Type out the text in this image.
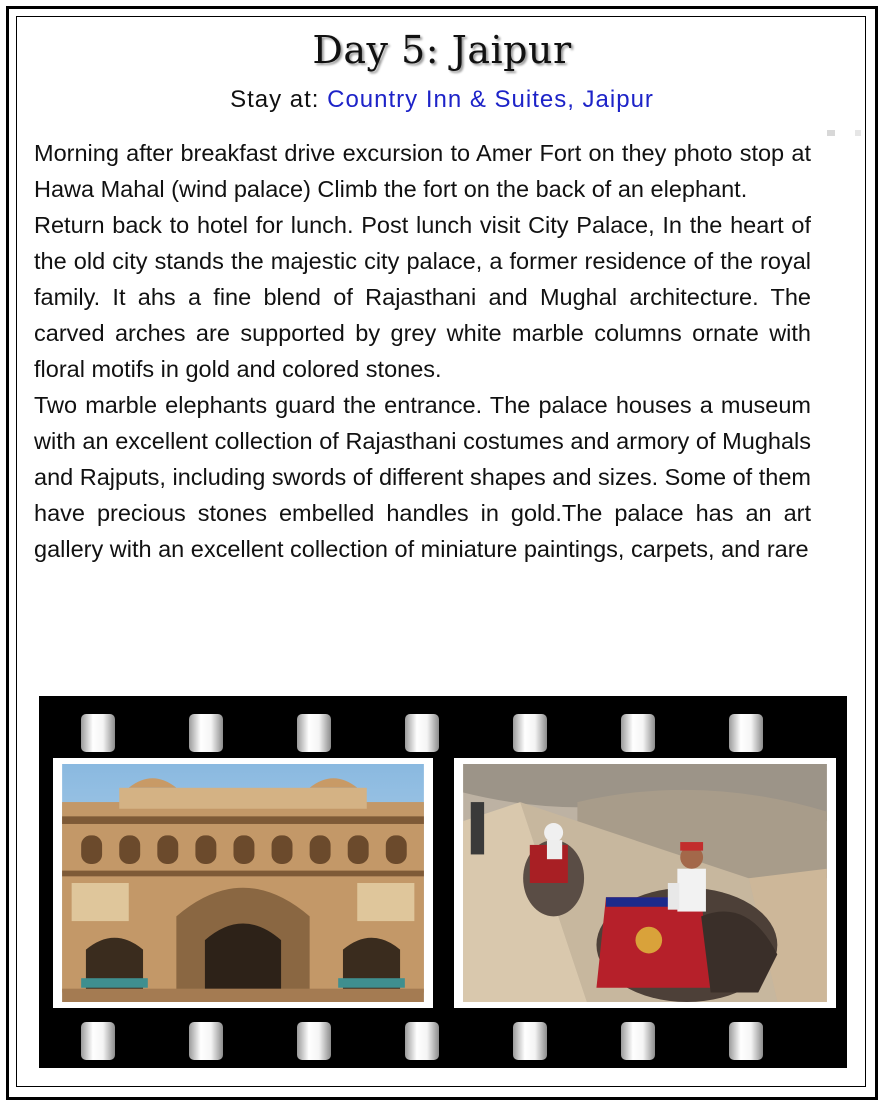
Day 5: Jaipur
Stay at: Country Inn & Suites, Jaipur

Morning after breakfast drive excursion to Amer Fort on they photo stop at Hawa Mahal (wind palace) Climb the fort on the back of an elephant.

Return back to hotel for lunch. Post lunch visit City Palace, In the heart of the old city stands the majestic city palace, a former residence of the royal family. It ahs a fine blend of Rajasthani and Mughal architecture. The carved arches are supported by grey white marble columns ornate with floral motifs in gold and colored stones.

Two marble elephants guard the entrance. The palace houses a museum with an excellent collection of Rajasthani costumes and armory of Mughals and Rajputs, including swords of different shapes and sizes. Some of them have precious stones embelled handles in gold.The palace has an art gallery with an excellent collection of miniature paintings, carpets, and rare
